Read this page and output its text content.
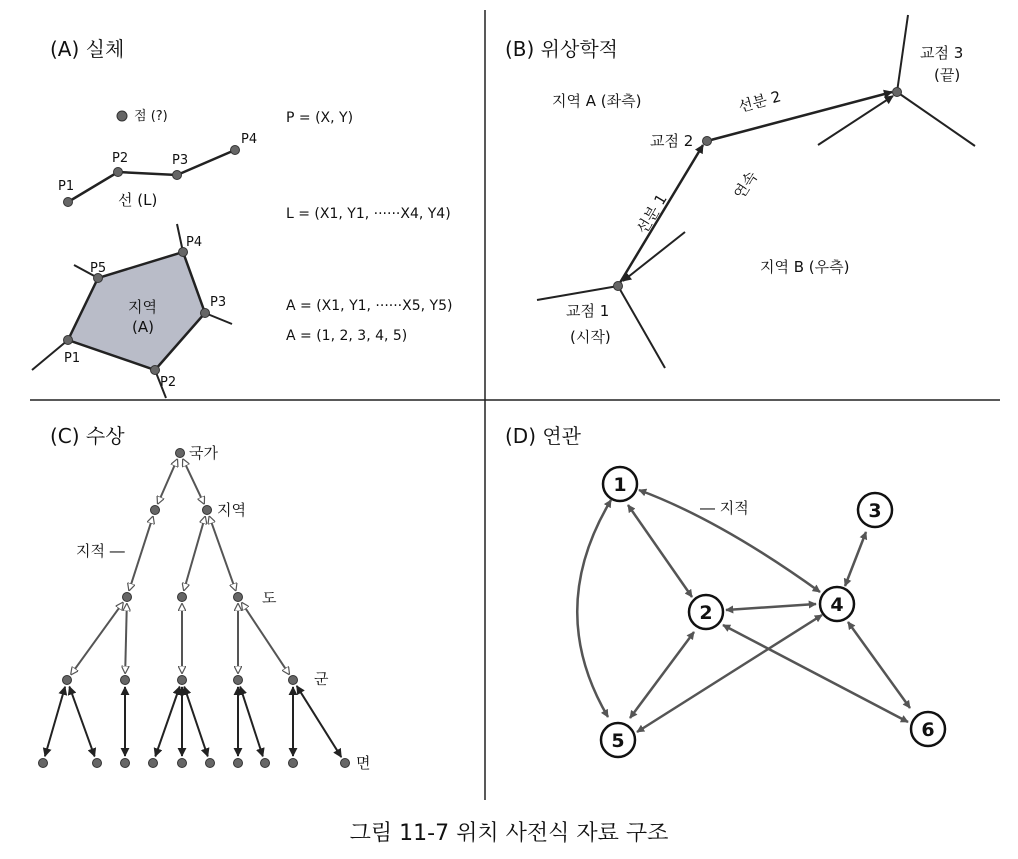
(A) 실체
점 (?)
P1
P2	P3
P4
선 (L)
P1
P2
P3
P4
P5
지역
(A)
P = (X, Y)
L = (X1, Y1, ······X4, Y4)
A = (X1, Y1, ······X5, Y5)
A = (1, 2, 3, 4, 5)
(B) 위상학적
지역 A (좌측)
지역 B (우측)
교점 1
(시작)
교점 2
교점 3
(끝)
선분 1
선분 2
연속
(C) 수상
국가
지역
도
군
면
지적 ―
(D) 연관
1
2
3
4
5	6
― 지적
그림 11-7 위치 사전식 자료 구조
